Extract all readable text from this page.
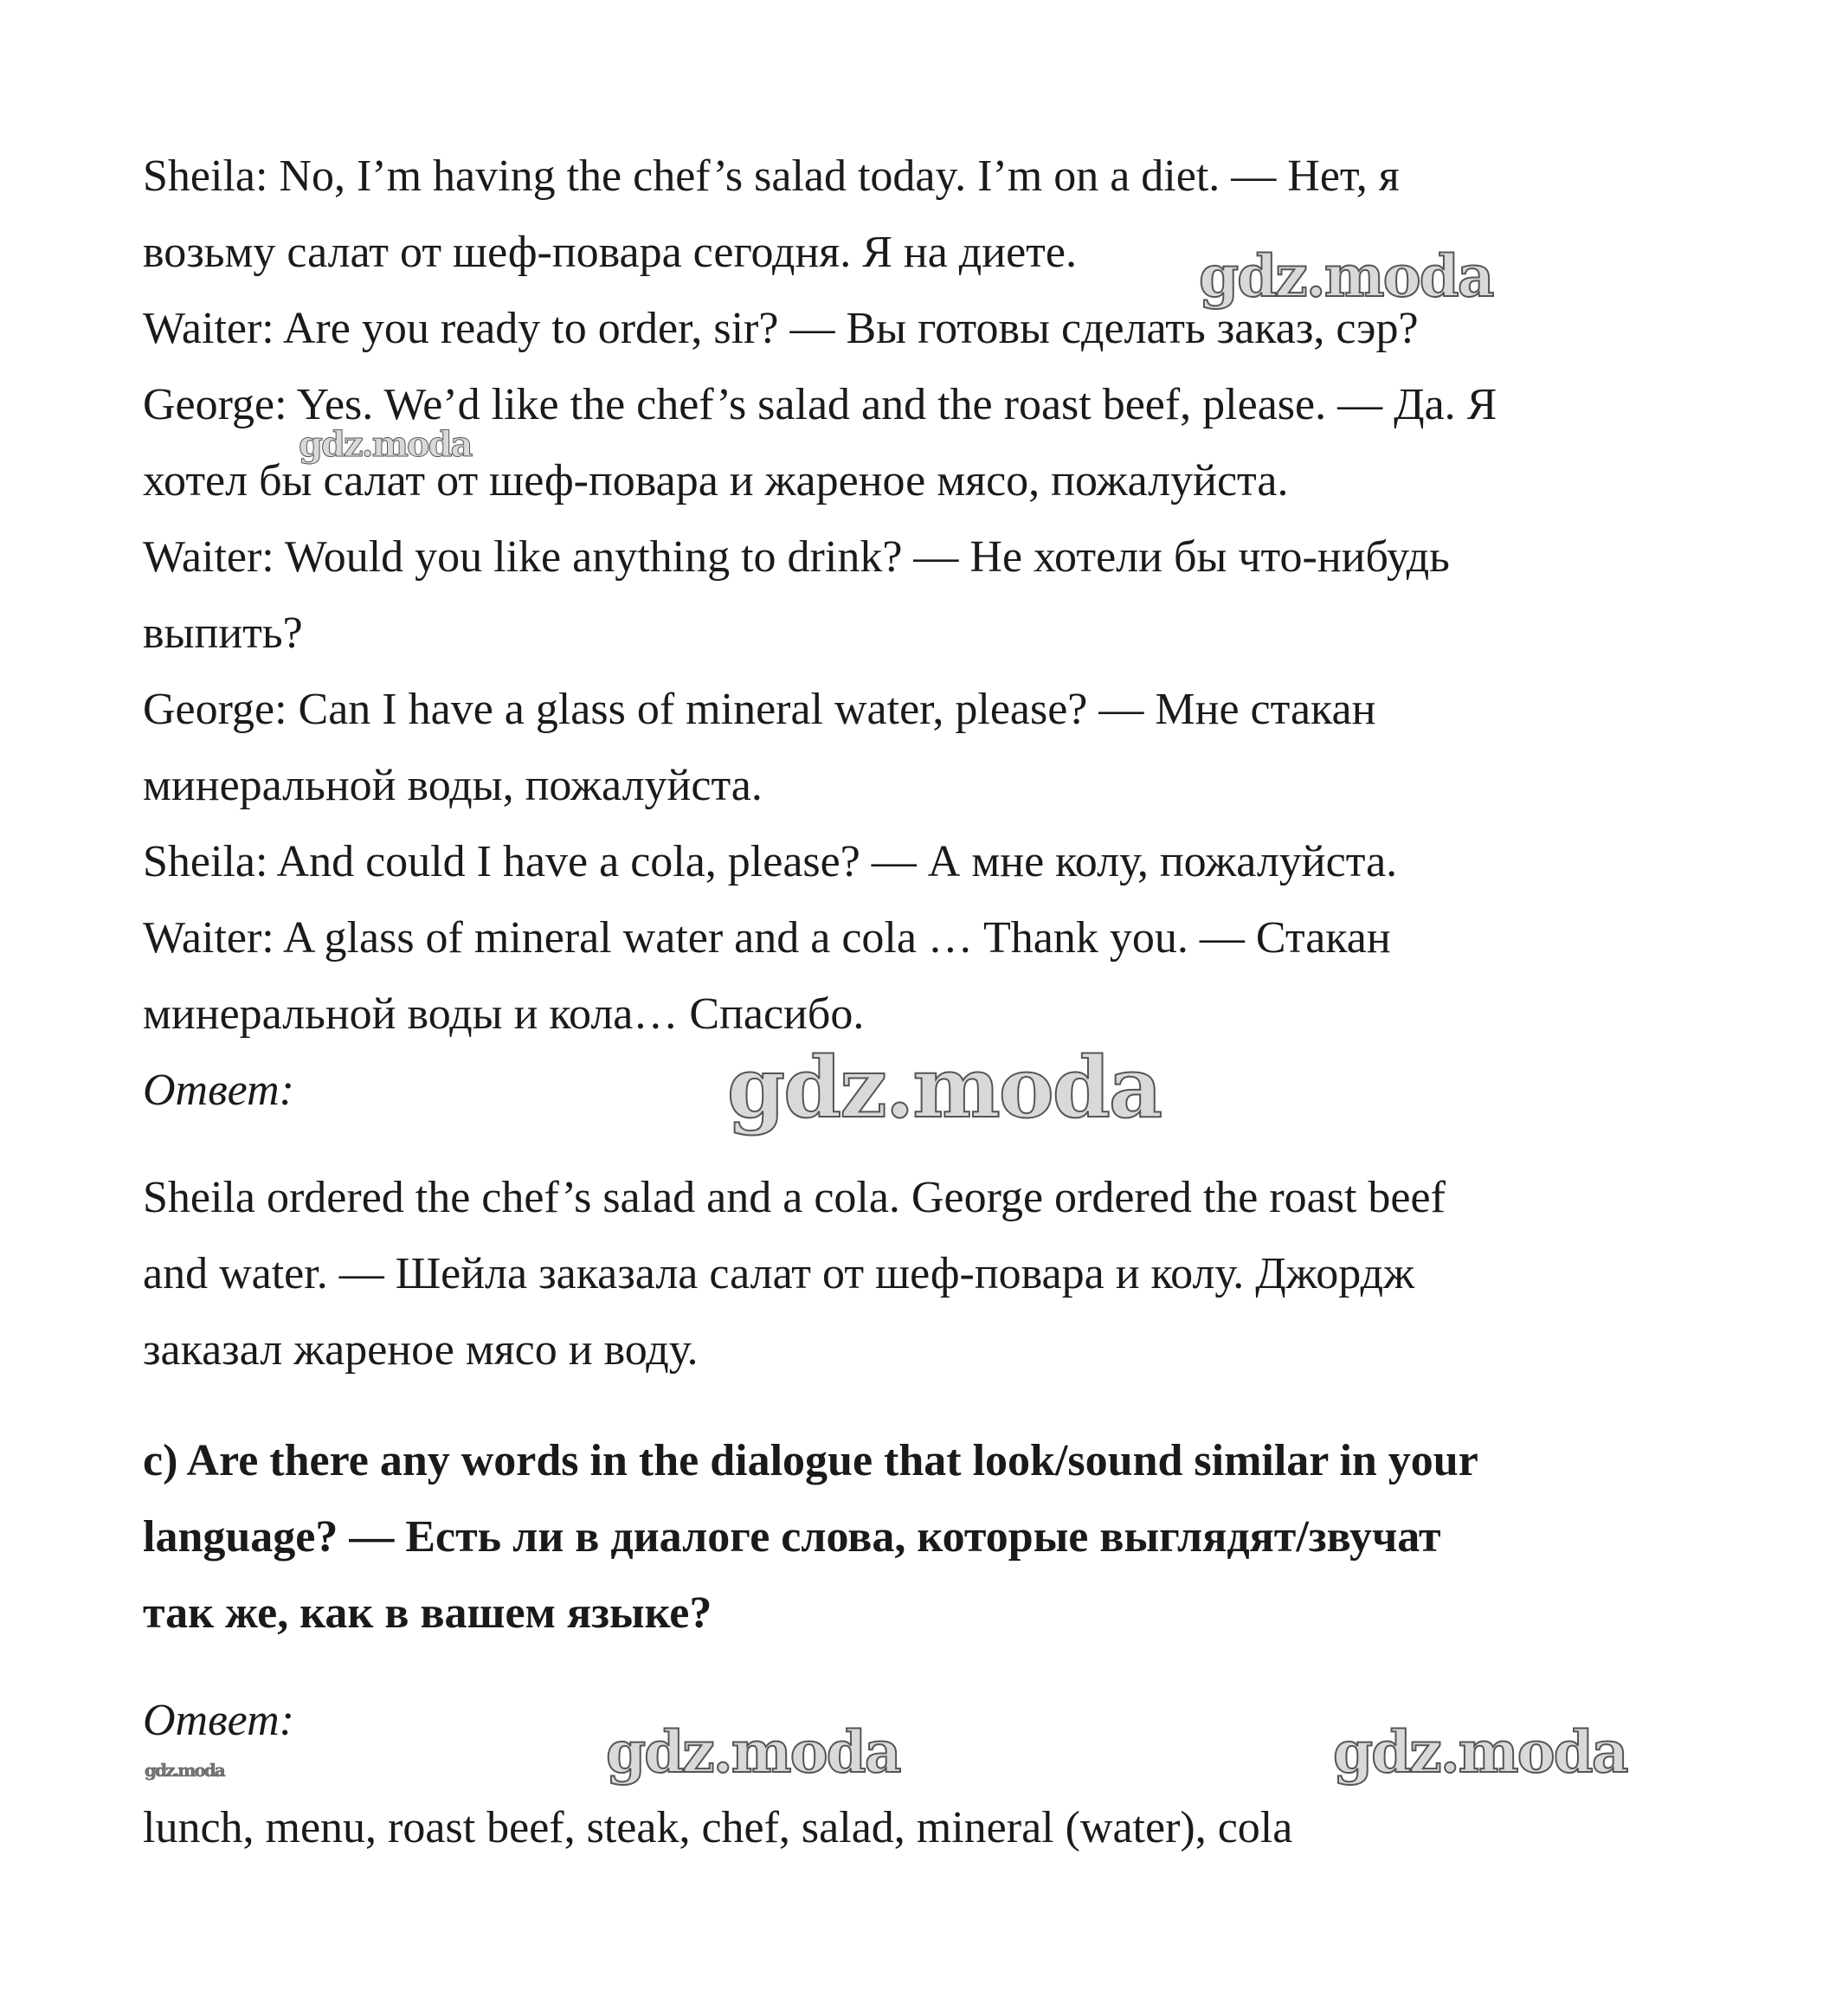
Sheila: No, I’m having the chef’s salad today. I’m on a diet. — Нет, я

возьму салат от шеф-повара сегодня. Я на диете.

Waiter: Are you ready to order, sir? — Вы готовы сделать заказ, сэр?

George: Yes. We’d like the chef’s salad and the roast beef, please. — Да. Я

хотел бы салат от шеф-повара и жареное мясо, пожалуйста.

Waiter: Would you like anything to drink? — Не хотели бы что-нибудь

выпить?

George: Can I have a glass of mineral water, please? — Мне стакан

минеральной воды, пожалуйста.

Sheila: And could I have a cola, please? — А мне колу, пожалуйста.

Waiter: A glass of mineral water and a cola … Thank you. — Стакан

минеральной воды и кола… Спасибо.

Ответ:

Sheila ordered the chef’s salad and a cola. George ordered the roast beef

and water. — Шейла заказала салат от шеф-повара и колу. Джордж

заказал жареное мясо и воду.

c) Are there any words in the dialogue that look/sound similar in your

language? — Есть ли в диалоге слова, которые выглядят/звучат

так же, как в вашем языке?

Ответ:

lunch, menu, roast beef, steak, chef, salad, mineral (water), cola

gdz.moda
gdz.moda
gdz.moda
gdz.moda	gdz.moda
gdz.moda
